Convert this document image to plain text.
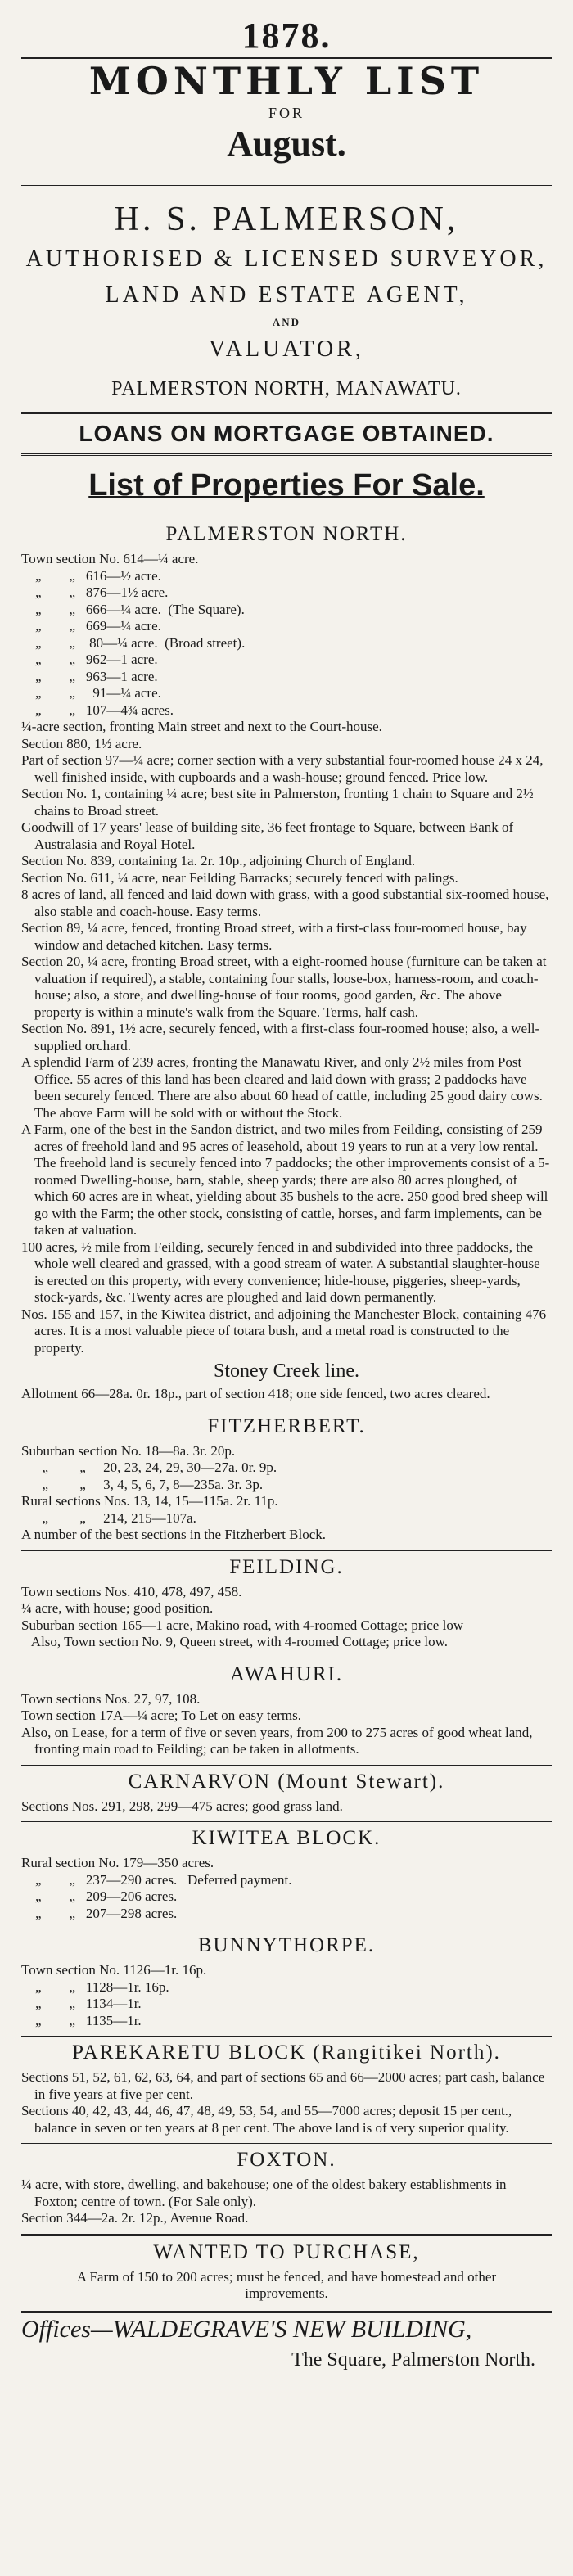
1878.
MONTHLY LIST
FOR
August.
H. S. PALMERSON,
AUTHORISED & LICENSED SURVEYOR,
LAND AND ESTATE AGENT,
AND
VALUATOR,
PALMERSTON NORTH, MANAWATU.
LOANS ON MORTGAGE OBTAINED.
List of Properties For Sale.
PALMERSTON NORTH.
Town section No. 614—¼ acre.
„        „   616—½ acre.
„        „   876—1½ acre.
„        „   666—¼ acre.  (The Square).
„        „   669—¼ acre.
„        „    80—¼ acre.  (Broad street).
„        „   962—1 acre.
„        „   963—1 acre.
„        „     91—¼ acre.
„        „   107—4¾ acres.
¼-acre section, fronting Main street and next to the Court-house.
Section 880, 1½ acre.
Part of section 97—¼ acre; corner section with a very substantial four-roomed house 24 x 24, well finished inside, with cupboards and a wash-house; ground fenced. Price low.
Section No. 1, containing ¼ acre; best site in Palmerston, fronting 1 chain to Square and 2½ chains to Broad street.
Goodwill of 17 years' lease of building site, 36 feet frontage to Square, between Bank of Australasia and Royal Hotel.
Section No. 839, containing 1a. 2r. 10p., adjoining Church of England.
Section No. 611, ¼ acre, near Feilding Barracks; securely fenced with palings.
8 acres of land, all fenced and laid down with grass, with a good substantial six-roomed house, also stable and coach-house. Easy terms.
Section 89, ¼ acre, fenced, fronting Broad street, with a first-class four-roomed house, bay window and detached kitchen. Easy terms.
Section 20, ¼ acre, fronting Broad street, with a eight-roomed house (furniture can be taken at valuation if required), a stable, containing four stalls, loose-box, harness-room, and coach-house; also, a store, and dwelling-house of four rooms, good garden, &c. The above property is within a minute's walk from the Square. Terms, half cash.
Section No. 891, 1½ acre, securely fenced, with a first-class four-roomed house; also, a well-supplied orchard.
A splendid Farm of 239 acres, fronting the Manawatu River, and only 2½ miles from Post Office. 55 acres of this land has been cleared and laid down with grass; 2 paddocks have been securely fenced. There are also about 60 head of cattle, including 25 good dairy cows. The above Farm will be sold with or without the Stock.
A Farm, one of the best in the Sandon district, and two miles from Feilding, consisting of 259 acres of freehold land and 95 acres of leasehold, about 19 years to run at a very low rental. The freehold land is securely fenced into 7 paddocks; the other improvements consist of a 5-roomed Dwelling-house, barn, stable, sheep yards; there are also 80 acres ploughed, of which 60 acres are in wheat, yielding about 35 bushels to the acre. 250 good bred sheep will go with the Farm; the other stock, consisting of cattle, horses, and farm implements, can be taken at valuation.
100 acres, ½ mile from Feilding, securely fenced in and subdivided into three paddocks, the whole well cleared and grassed, with a good stream of water. A substantial slaughter-house is erected on this property, with every convenience; hide-house, piggeries, sheep-yards, stock-yards, &c. Twenty acres are ploughed and laid down permanently.
Nos. 155 and 157, in the Kiwitea district, and adjoining the Manchester Block, containing 476 acres. It is a most valuable piece of totara bush, and a metal road is constructed to the property.
Stoney Creek line.
Allotment 66—28a. 0r. 18p., part of section 418; one side fenced, two acres cleared.
FITZHERBERT.
Suburban section No. 18—8a. 3r. 20p.
„         „     20, 23, 24, 29, 30—27a. 0r. 9p.
„         „     3, 4, 5, 6, 7, 8—235a. 3r. 3p.
Rural sections Nos. 13, 14, 15—115a. 2r. 11p.
„         „     214, 215—107a.
A number of the best sections in the Fitzherbert Block.
FEILDING.
Town sections Nos. 410, 478, 497, 458.
¼ acre, with house; good position.
Suburban section 165—1 acre, Makino road, with 4-roomed Cottage; price low
Also, Town section No. 9, Queen street, with 4-roomed Cottage; price low.
AWAHURI.
Town sections Nos. 27, 97, 108.
Town section 17A—¼ acre; To Let on easy terms.
Also, on Lease, for a term of five or seven years, from 200 to 275 acres of good wheat land, fronting main road to Feilding; can be taken in allotments.
CARNARVON (Mount Stewart).
Sections Nos. 291, 298, 299—475 acres; good grass land.
KIWITEA BLOCK.
Rural section No. 179—350 acres.
„        „   237—290 acres.   Deferred payment.
„        „   209—206 acres.
„        „   207—298 acres.
BUNNYTHORPE.
Town section No. 1126—1r. 16p.
„        „   1128—1r. 16p.
„        „   1134—1r.
„        „   1135—1r.
PAREKARETU BLOCK (Rangitikei North).
Sections 51, 52, 61, 62, 63, 64, and part of sections 65 and 66—2000 acres; part cash, balance in five years at five per cent.
Sections 40, 42, 43, 44, 46, 47, 48, 49, 53, 54, and 55—7000 acres; deposit 15 per cent., balance in seven or ten years at 8 per cent. The above land is of very superior quality.
FOXTON.
¼ acre, with store, dwelling, and bakehouse; one of the oldest bakery establishments in Foxton; centre of town. (For Sale only).
Section 344—2a. 2r. 12p., Avenue Road.
WANTED TO PURCHASE,
A Farm of 150 to 200 acres; must be fenced, and have homestead and other improvements.
Offices—WALDEGRAVE'S NEW BUILDING,
The Square, Palmerston North.
